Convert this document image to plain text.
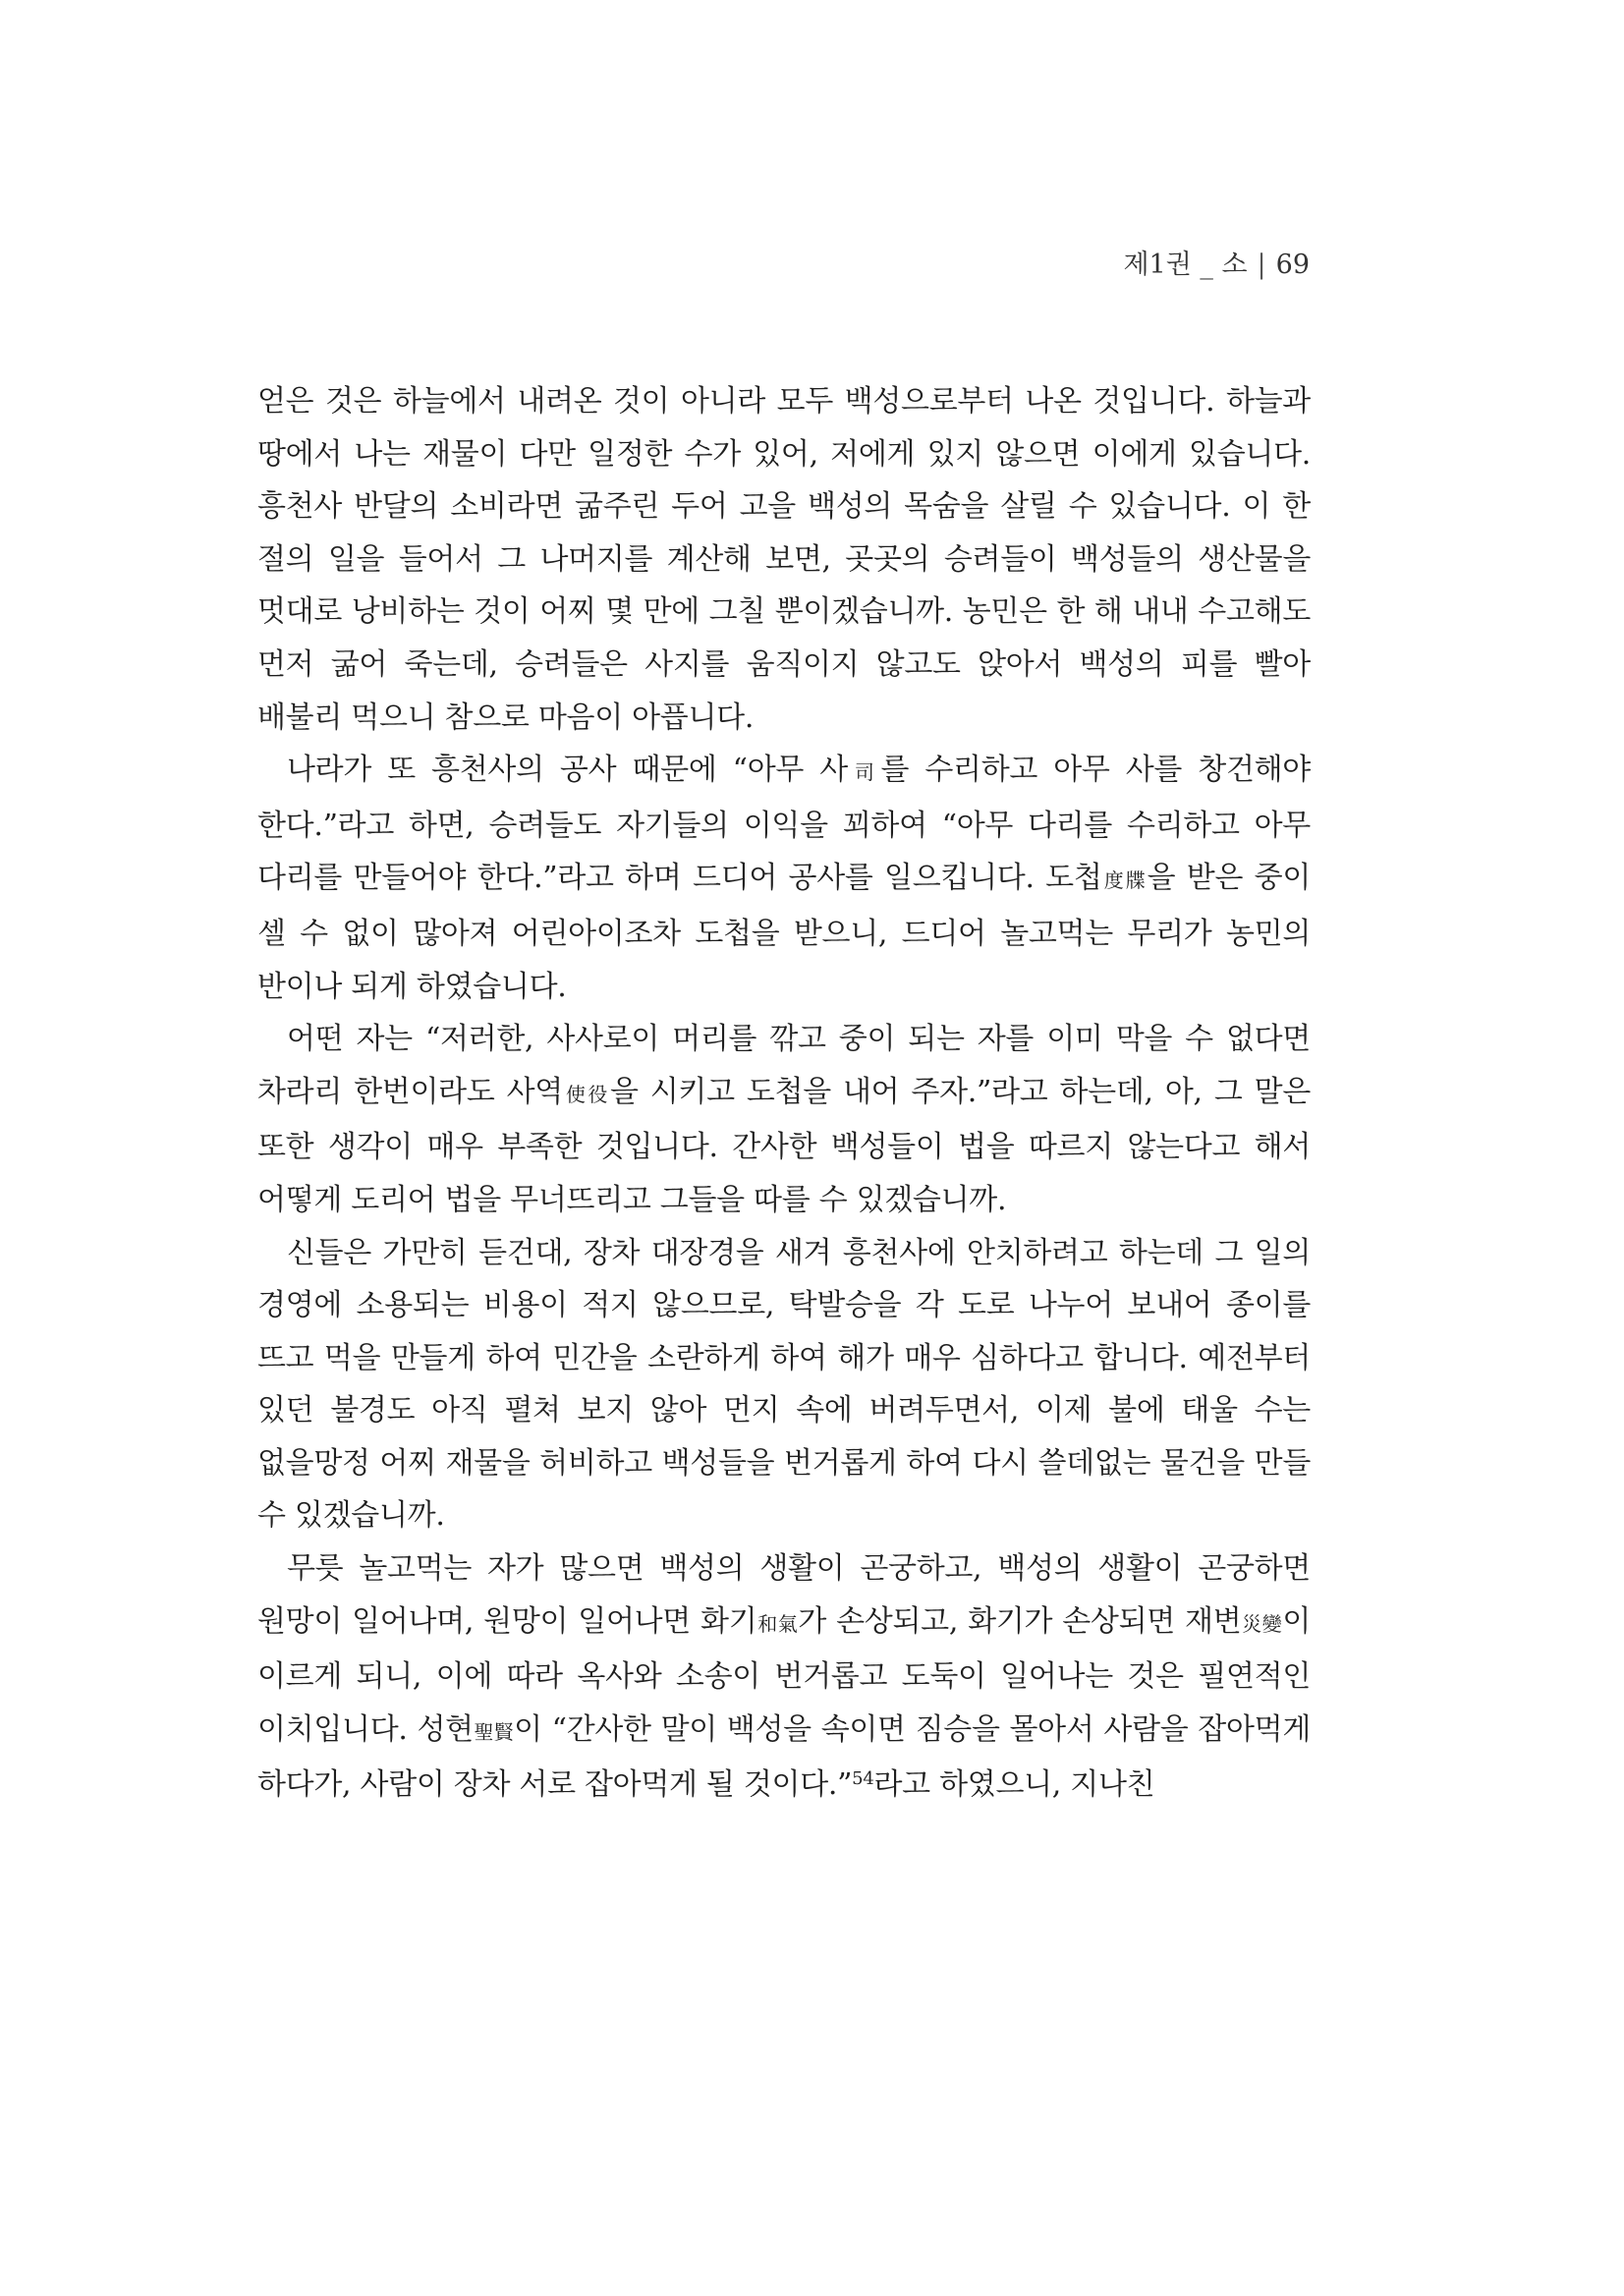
제1권 _ 소 | 69

얻은 것은 하늘에서 내려온 것이 아니라 모두 백성으로부터 나온 것입니다. 하늘과 땅에서 나는 재물이 다만 일정한 수가 있어, 저에게 있지 않으면 이에게 있습니다. 흥천사 반달의 소비라면 굶주린 두어 고을 백성의 목숨을 살릴 수 있습니다. 이 한 절의 일을 들어서 그 나머지를 계산해 보면, 곳곳의 승려들이 백성들의 생산물을 멋대로 낭비하는 것이 어찌 몇 만에 그칠 뿐이겠습니까. 농민은 한 해 내내 수고해도 먼저 굶어 죽는데, 승려들은 사지를 움직이지 않고도 앉아서 백성의 피를 빨아 배불리 먹으니 참으로 마음이 아픕니다.

나라가 또 흥천사의 공사 때문에 “아무 사司를 수리하고 아무 사를 창건해야 한다.”라고 하면, 승려들도 자기들의 이익을 꾀하여 “아무 다리를 수리하고 아무 다리를 만들어야 한다.”라고 하며 드디어 공사를 일으킵니다. 도첩度牒을 받은 중이 셀 수 없이 많아져 어린아이조차 도첩을 받으니, 드디어 놀고먹는 무리가 농민의 반이나 되게 하였습니다.

어떤 자는 “저러한, 사사로이 머리를 깎고 중이 되는 자를 이미 막을 수 없다면 차라리 한번이라도 사역使役을 시키고 도첩을 내어 주자.”라고 하는데, 아, 그 말은 또한 생각이 매우 부족한 것입니다. 간사한 백성들이 법을 따르지 않는다고 해서 어떻게 도리어 법을 무너뜨리고 그들을 따를 수 있겠습니까.

신들은 가만히 듣건대, 장차 대장경을 새겨 흥천사에 안치하려고 하는데 그 일의 경영에 소용되는 비용이 적지 않으므로, 탁발승을 각 도로 나누어 보내어 종이를 뜨고 먹을 만들게 하여 민간을 소란하게 하여 해가 매우 심하다고 합니다. 예전부터 있던 불경도 아직 펼쳐 보지 않아 먼지 속에 버려두면서, 이제 불에 태울 수는 없을망정 어찌 재물을 허비하고 백성들을 번거롭게 하여 다시 쓸데없는 물건을 만들 수 있겠습니까.

무릇 놀고먹는 자가 많으면 백성의 생활이 곤궁하고, 백성의 생활이 곤궁하면 원망이 일어나며, 원망이 일어나면 화기和氣가 손상되고, 화기가 손상되면 재변災變이 이르게 되니, 이에 따라 옥사와 소송이 번거롭고 도둑이 일어나는 것은 필연적인 이치입니다. 성현聖賢이 “간사한 말이 백성을 속이면 짐승을 몰아서 사람을 잡아먹게 하다가, 사람이 장차 서로 잡아먹게 될 것이다.”$^{54}$라고 하였으니, 지나친
